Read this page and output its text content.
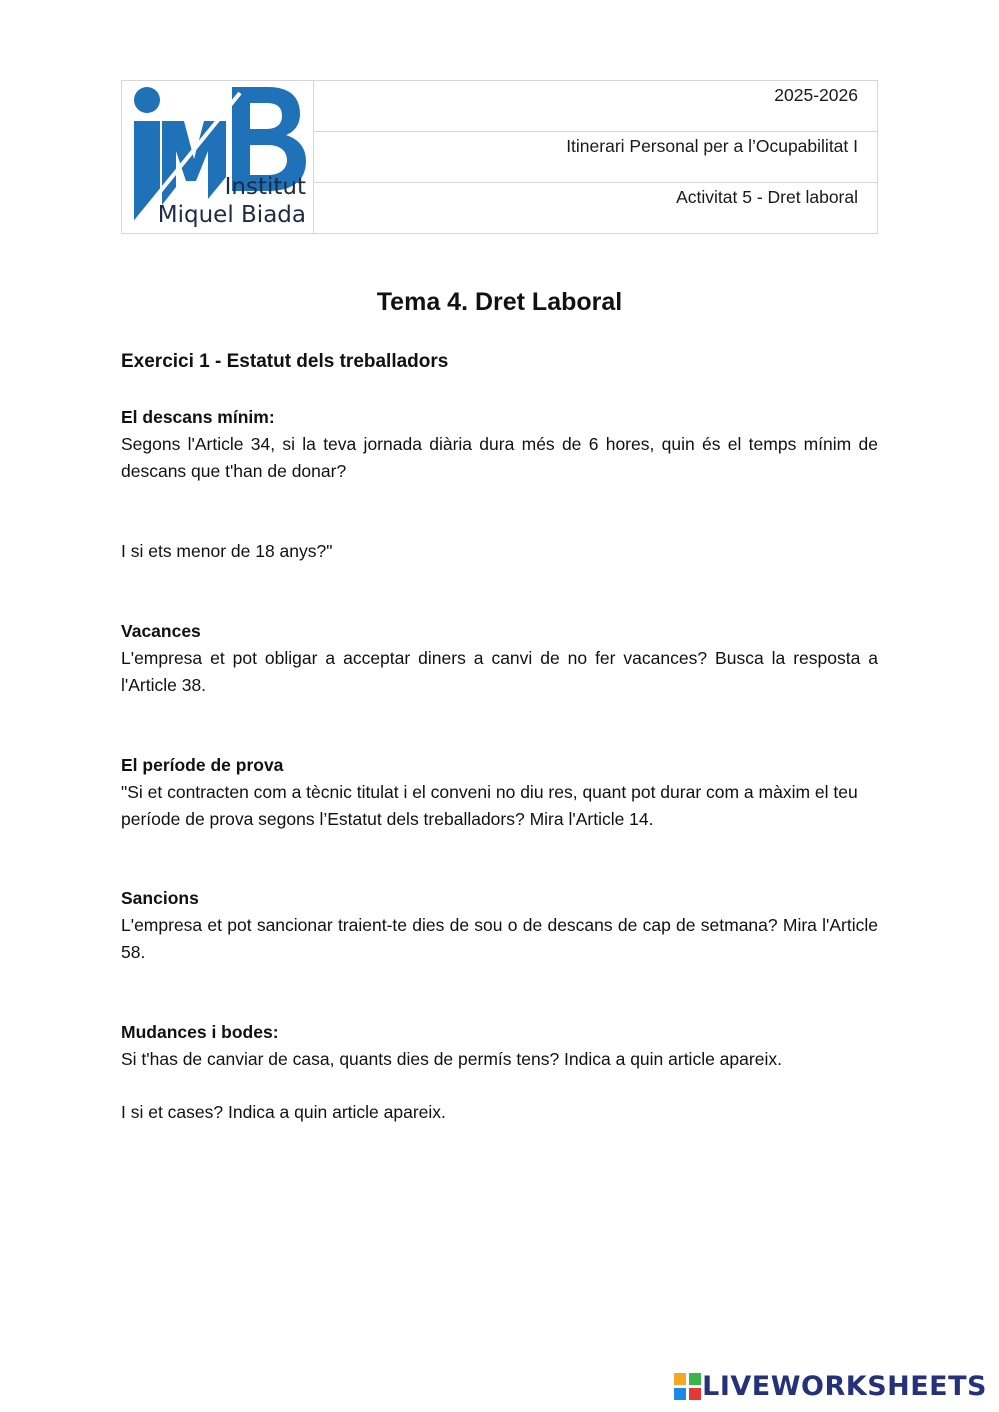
Institut
Miquel Biada
2025-2026
Itinerari Personal per a l’Ocupabilitat I
Activitat 5 - Dret laboral
Tema 4. Dret Laboral
Exercici 1 - Estatut dels treballadors
El descans mínim:

Segons l'Article 34, si la teva jornada diària dura més de 6 hores, quin és el temps mínim de descans que t'han de donar?

I si ets menor de 18 anys?"

Vacances

L'empresa et pot obligar a acceptar diners a canvi de no fer vacances? Busca la resposta a l'Article 38.

El període de prova

"Si et contracten com a tècnic titulat i el conveni no diu res, quant pot durar com a màxim el teu període de prova segons l’Estatut dels treballadors? Mira l'Article 14.

Sancions

L'empresa et pot sancionar traient-te dies de sou o de descans de cap de setmana? Mira l'Article 58.

Mudances i bodes:

Si t'has de canviar de casa, quants dies de permís tens? Indica a quin article apareix.

I si et cases? Indica a quin article apareix.

LIVEWORKSHEETS
